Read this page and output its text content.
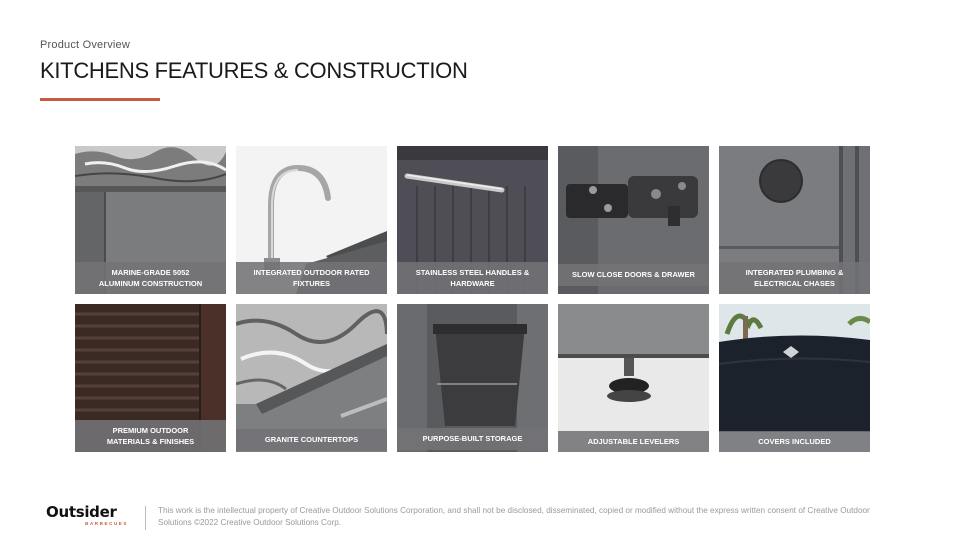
Product Overview
KITCHENS FEATURES & CONSTRUCTION
MARINE-GRADE 5052
ALUMINUM CONSTRUCTION
INTEGRATED OUTDOOR RATED
FIXTURES
STAINLESS STEEL HANDLES &
HARDWARE
SLOW CLOSE DOORS & DRAWER	INTEGRATED PLUMBING &
ELECTRICAL CHASES
PREMIUM OUTDOOR
MATERIALS & FINISHES	GRANITE COUNTERTOPS	PURPOSE-BUILT STORAGE	ADJUSTABLE LEVELERS	COVERS INCLUDED
Outsider
BARBECUES
This work is the intellectual property of Creative Outdoor Solutions Corporation, and shall not be disclosed, disseminated, copied or modified without the express written consent of Creative Outdoor Solutions ©2022 Creative Outdoor Solutions Corp.
